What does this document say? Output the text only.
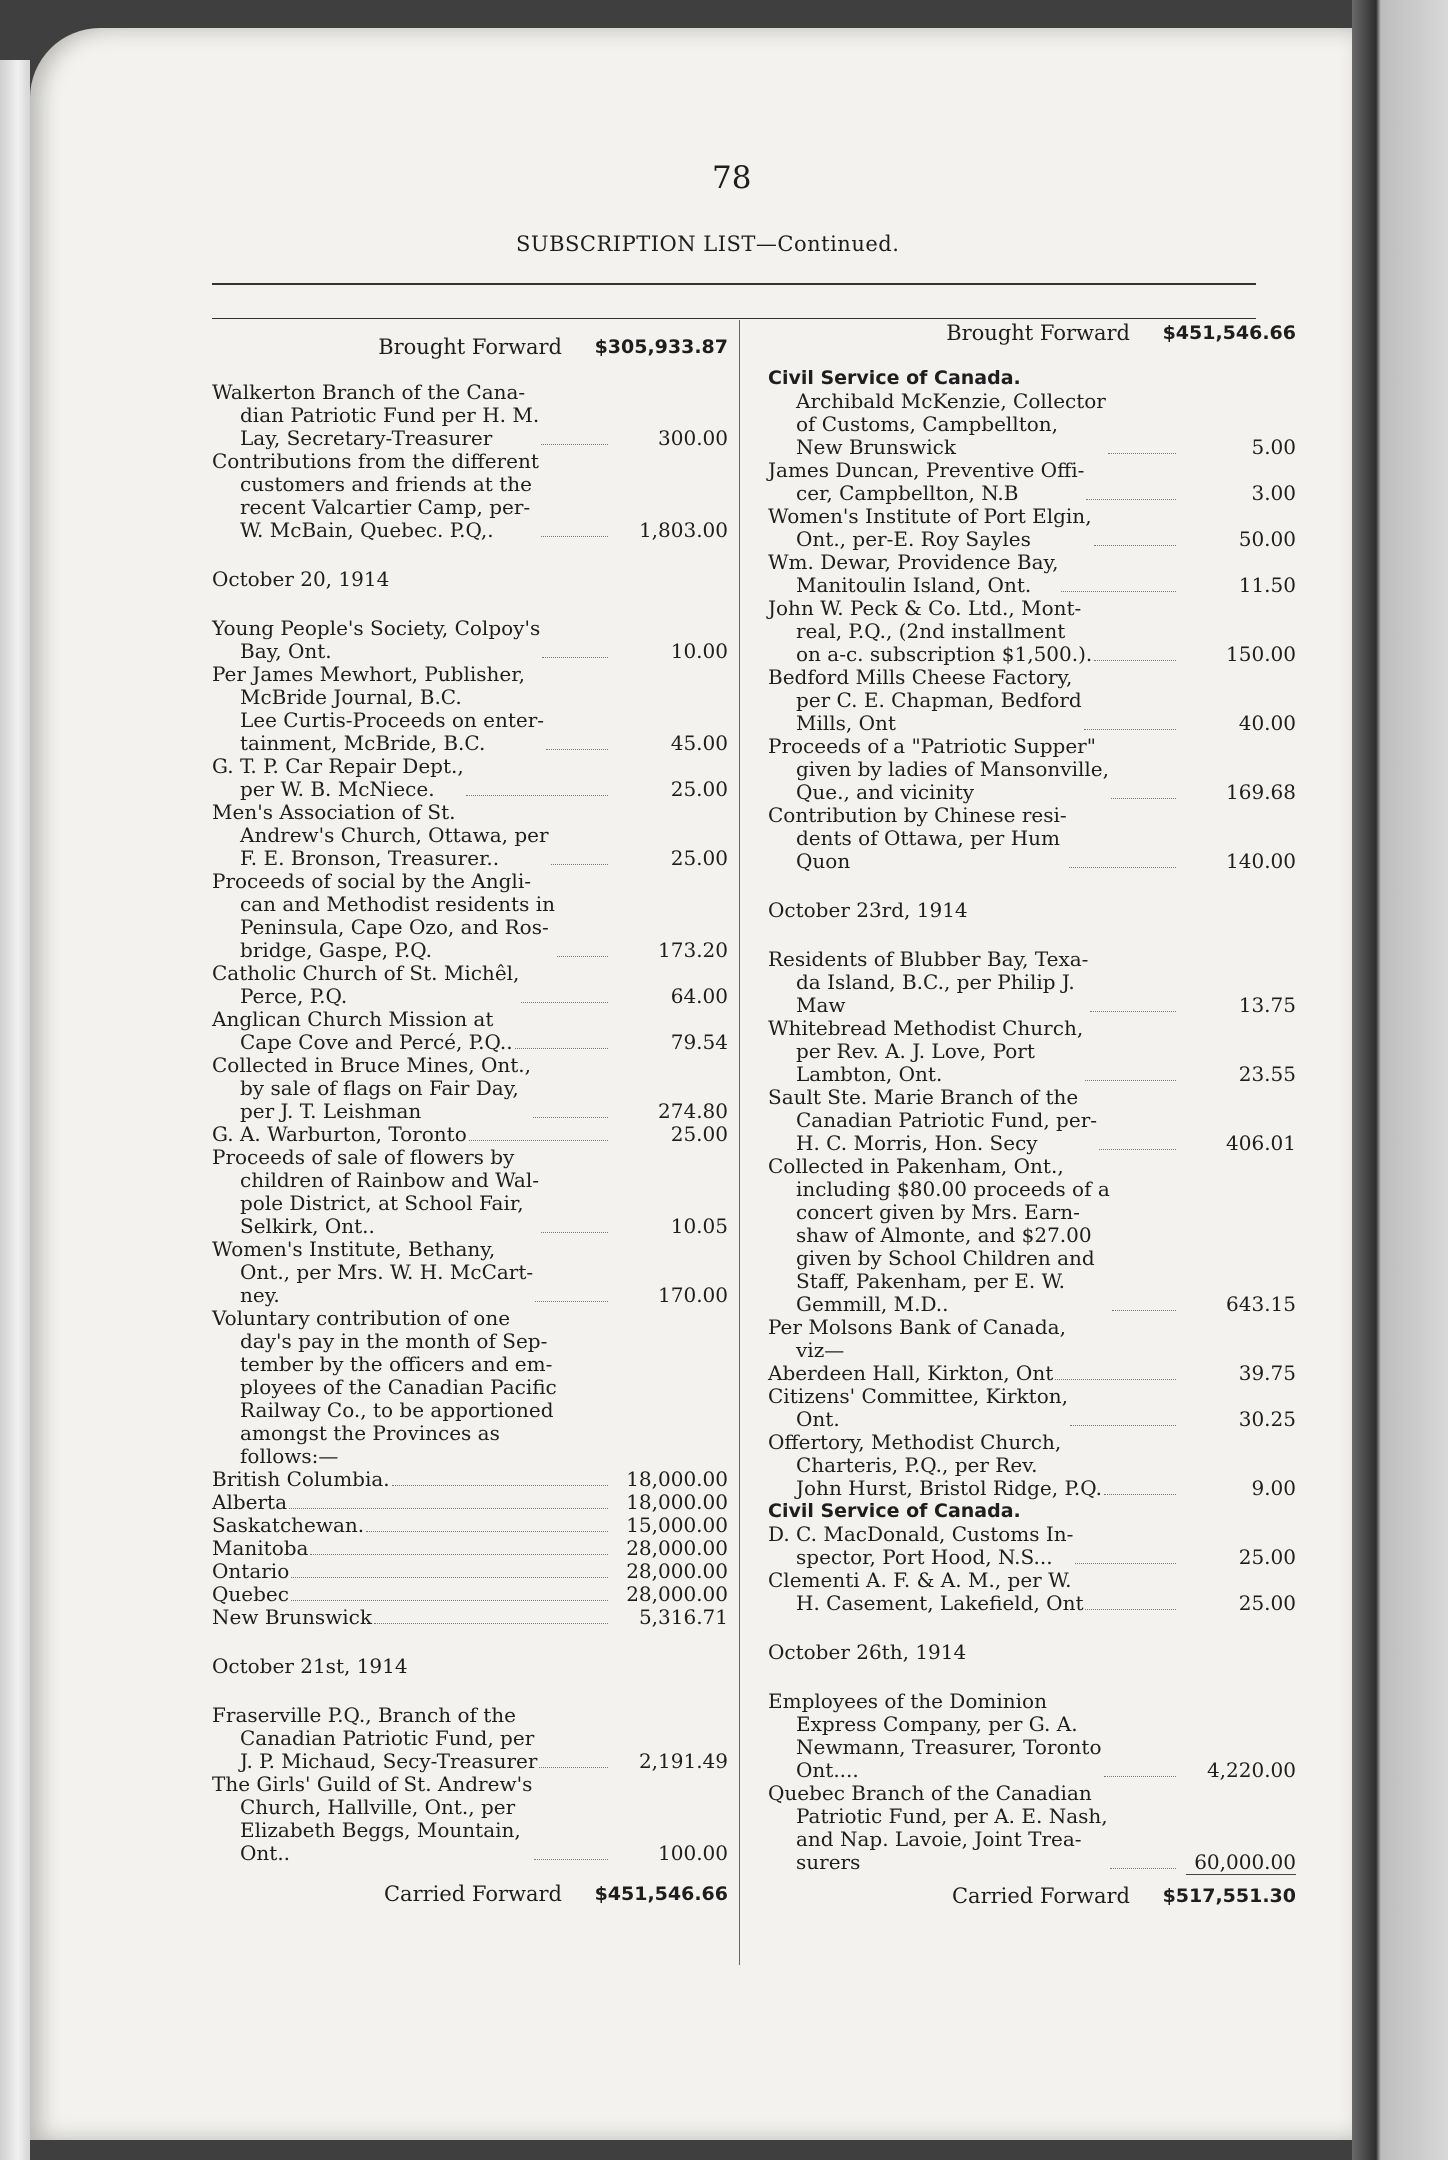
78
SUBSCRIPTION LIST—Continued.
Brought Forward	$305,933.87
Walkerton Branch of the Cana-
dian Patriotic Fund per H. M.
Lay, Secretary-Treasurer	300.00
Contributions from the different
customers and friends at the
recent Valcartier Camp, per-
W. McBain, Quebec. P.Q,.	1,803.00
October 20, 1914
Young People's Society, Colpoy's
Bay, Ont.	10.00
Per James Mewhort, Publisher,
McBride Journal, B.C.
Lee Curtis-Proceeds on enter-
tainment, McBride, B.C.	45.00
G. T. P. Car Repair Dept.,
per W. B. McNiece.	25.00
Men's Association of St.
Andrew's Church, Ottawa, per
F. E. Bronson, Treasurer..	25.00
Proceeds of social by the Angli-
can and Methodist residents in
Peninsula, Cape Ozo, and Ros-
bridge, Gaspe, P.Q.	173.20
Catholic Church of St. Michêl,
Perce, P.Q.	64.00
Anglican Church Mission at
Cape Cove and Percé, P.Q..	79.54
Collected in Bruce Mines, Ont.,
by sale of flags on Fair Day,
per J. T. Leishman	274.80
G. A. Warburton, Toronto	25.00
Proceeds of sale of flowers by
children of Rainbow and Wal-
pole District, at School Fair,
Selkirk, Ont..	10.05
Women's Institute, Bethany,
Ont., per Mrs. W. H. McCart-
ney.	170.00
Voluntary contribution of one
day's pay in the month of Sep-
tember by the officers and em-
ployees of the Canadian Pacific
Railway Co., to be apportioned
amongst the Provinces as
follows:—
British Columbia.	18,000.00
Alberta	18,000.00
Saskatchewan.	15,000.00
Manitoba	28,000.00
Ontario	28,000.00
Quebec	28,000.00
New Brunswick	5,316.71
October 21st, 1914
Fraserville P.Q., Branch of the
Canadian Patriotic Fund, per
J. P. Michaud, Secy-Treasurer	2,191.49
The Girls' Guild of St. Andrew's
Church, Hallville, Ont., per
Elizabeth Beggs, Mountain,
Ont..	100.00
Carried Forward	$451,546.66
Brought Forward	$451,546.66
Civil Service of Canada.
Archibald McKenzie, Collector
of Customs, Campbellton,
New Brunswick	5.00
James Duncan, Preventive Offi-
cer, Campbellton, N.B	3.00
Women's Institute of Port Elgin,
Ont., per-E. Roy Sayles	50.00
Wm. Dewar, Providence Bay,
Manitoulin Island, Ont.	11.50
John W. Peck & Co. Ltd., Mont-
real, P.Q., (2nd installment
on a-c. subscription $1,500.).	150.00
Bedford Mills Cheese Factory,
per C. E. Chapman, Bedford
Mills, Ont	40.00
Proceeds of a "Patriotic Supper"
given by ladies of Mansonville,
Que., and vicinity	169.68
Contribution by Chinese resi-
dents of Ottawa, per Hum
Quon	140.00
October 23rd, 1914
Residents of Blubber Bay, Texa-
da Island, B.C., per Philip J.
Maw	13.75
Whitebread Methodist Church,
per Rev. A. J. Love, Port
Lambton, Ont.	23.55
Sault Ste. Marie Branch of the
Canadian Patriotic Fund, per-
H. C. Morris, Hon. Secy	406.01
Collected in Pakenham, Ont.,
including $80.00 proceeds of a
concert given by Mrs. Earn-
shaw of Almonte, and $27.00
given by School Children and
Staff, Pakenham, per E. W.
Gemmill, M.D..	643.15
Per Molsons Bank of Canada,
viz—
Aberdeen Hall, Kirkton, Ont	39.75
Citizens' Committee, Kirkton,
Ont.	30.25
Offertory, Methodist Church,
Charteris, P.Q., per Rev.
John Hurst, Bristol Ridge, P.Q.	9.00
Civil Service of Canada.
D. C. MacDonald, Customs In-
spector, Port Hood, N.S...	25.00
Clementi A. F. & A. M., per W.
H. Casement, Lakefield, Ont	25.00
October 26th, 1914
Employees of the Dominion
Express Company, per G. A.
Newmann, Treasurer, Toronto
Ont....	4,220.00
Quebec Branch of the Canadian
Patriotic Fund, per A. E. Nash,
and Nap. Lavoie, Joint Trea-
surers	60,000.00
Carried Forward	$517,551.30
